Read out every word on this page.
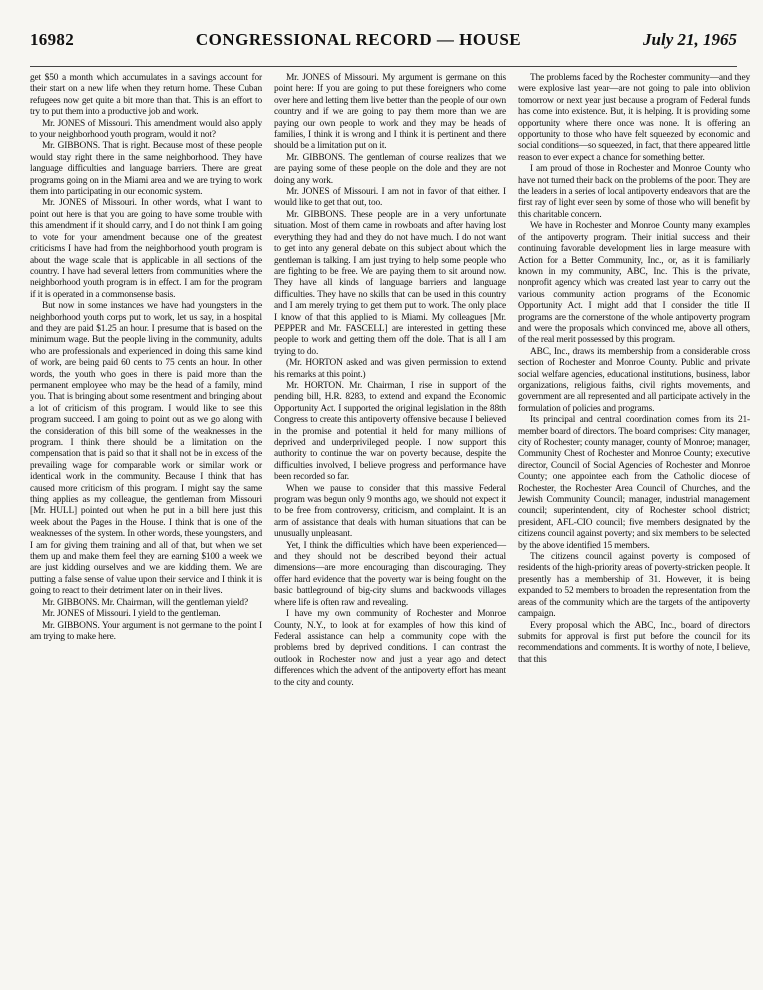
16982	CONGRESSIONAL RECORD — HOUSE	July 21, 1965

get $50 a month which accumulates in a savings account for their start on a new life when they return home. These Cuban refugees now get quite a bit more than that. This is an effort to try to put them into a productive job and work.

Mr. JONES of Missouri. This amendment would also apply to your neighborhood youth program, would it not?

Mr. GIBBONS. That is right. Because most of these people would stay right there in the same neighborhood. They have language difficulties and language barriers. There are great programs going on in the Miami area and we are trying to work them into participating in our economic system.

Mr. JONES of Missouri. In other words, what I want to point out here is that you are going to have some trouble with this amendment if it should carry, and I do not think I am going to vote for your amendment because one of the greatest criticisms I have had from the neighborhood youth program is about the wage scale that is applicable in all sections of the country. I have had several letters from communities where the neighborhood youth program is in effect. I am for the program if it is operated in a commonsense basis.

But now in some instances we have had youngsters in the neighborhood youth corps put to work, let us say, in a hospital and they are paid $1.25 an hour. I presume that is based on the minimum wage. But the people living in the community, adults who are professionals and experienced in doing this same kind of work, are being paid 60 cents to 75 cents an hour. In other words, the youth who goes in there is paid more than the permanent employee who may be the head of a family, mind you. That is bringing about some resentment and bringing about a lot of criticism of this program. I would like to see this program succeed. I am going to point out as we go along with the consideration of this bill some of the weaknesses in the program. I think there should be a limitation on the compensation that is paid so that it shall not be in excess of the prevailing wage for comparable work or similar work or identical work in the community. Because I think that has caused more criticism of this program. I might say the same thing applies as my colleague, the gentleman from Missouri [Mr. HULL] pointed out when he put in a bill here just this week about the Pages in the House. I think that is one of the weaknesses of the system. In other words, these youngsters, and I am for giving them training and all of that, but when we set them up and make them feel they are earning $100 a week we are just kidding ourselves and we are kidding them. We are putting a false sense of value upon their service and I think it is going to react to their detriment later on in their lives.

Mr. GIBBONS. Mr. Chairman, will the gentleman yield?

Mr. JONES of Missouri. I yield to the gentleman.

Mr. GIBBONS. Your argument is not germane to the point I am trying to make here.

Mr. JONES of Missouri. My argument is germane on this point here: If you are going to put these foreigners who come over here and letting them live better than the people of our own country and if we are going to pay them more than we are paying our own people to work and they may be heads of families, I think it is wrong and I think it is pertinent and there should be a limitation put on it.

Mr. GIBBONS. The gentleman of course realizes that we are paying some of these people on the dole and they are not doing any work.

Mr. JONES of Missouri. I am not in favor of that either. I would like to get that out, too.

Mr. GIBBONS. These people are in a very unfortunate situation. Most of them came in rowboats and after having lost everything they had and they do not have much. I do not want to get into any general debate on this subject about which the gentleman is talking. I am just trying to help some people who are fighting to be free. We are paying them to sit around now. They have all kinds of language barriers and language difficulties. They have no skills that can be used in this country and I am merely trying to get them put to work. The only place I know of that this applied to is Miami. My colleagues [Mr. PEPPER and Mr. FASCELL] are interested in getting these people to work and getting them off the dole. That is all I am trying to do.

(Mr. HORTON asked and was given permission to extend his remarks at this point.)

Mr. HORTON. Mr. Chairman, I rise in support of the pending bill, H.R. 8283, to extend and expand the Economic Opportunity Act. I supported the original legislation in the 88th Congress to create this antipoverty offensive because I believed in the promise and potential it held for many millions of deprived and underprivileged people. I now support this authority to continue the war on poverty because, despite the difficulties involved, I believe progress and performance have been recorded so far.

When we pause to consider that this massive Federal program was begun only 9 months ago, we should not expect it to be free from controversy, criticism, and complaint. It is an arm of assistance that deals with human situations that can be unusually unpleasant.

Yet, I think the difficulties which have been experienced—and they should not be described beyond their actual dimensions—are more encouraging than discouraging. They offer hard evidence that the poverty war is being fought on the basic battleground of big-city slums and backwoods villages where life is often raw and revealing.

I have my own community of Rochester and Monroe County, N.Y., to look at for examples of how this kind of Federal assistance can help a community cope with the problems bred by deprived conditions. I can contrast the outlook in Rochester now and just a year ago and detect differences which the advent of the antipoverty effort has meant to the city and county.

The problems faced by the Rochester community—and they were explosive last year—are not going to pale into oblivion tomorrow or next year just because a program of Federal funds has come into existence. But, it is helping. It is providing some opportunity where there once was none. It is offering an opportunity to those who have felt squeezed by economic and social conditions—so squeezed, in fact, that there appeared little reason to ever expect a chance for something better.

I am proud of those in Rochester and Monroe County who have not turned their back on the problems of the poor. They are the leaders in a series of local antipoverty endeavors that are the first ray of light ever seen by some of those who will benefit by this charitable concern.

We have in Rochester and Monroe County many examples of the antipoverty program. Their initial success and their continuing favorable development lies in large measure with Action for a Better Community, Inc., or, as it is familiarly known in my community, ABC, Inc. This is the private, nonprofit agency which was created last year to carry out the various community action programs of the Economic Opportunity Act. I might add that I consider the title II programs are the cornerstone of the whole antipoverty program and were the proposals which convinced me, above all others, of the real merit possessed by this program.

ABC, Inc., draws its membership from a considerable cross section of Rochester and Monroe County. Public and private social welfare agencies, educational institutions, business, labor organizations, religious faiths, civil rights movements, and government are all represented and all participate actively in the formulation of policies and programs.

Its principal and central coordination comes from its 21-member board of directors. The board comprises: City manager, city of Rochester; county manager, county of Monroe; manager, Community Chest of Rochester and Monroe County; executive director, Council of Social Agencies of Rochester and Monroe County; one appointee each from the Catholic diocese of Rochester, the Rochester Area Council of Churches, and the Jewish Community Council; manager, industrial management council; superintendent, city of Rochester school district; president, AFL-CIO council; five members designated by the citizens council against poverty; and six members to be selected by the above identified 15 members.

The citizens council against poverty is composed of residents of the high-priority areas of poverty-stricken people. It presently has a membership of 31. However, it is being expanded to 52 members to broaden the representation from the areas of the community which are the targets of the antipoverty campaign.

Every proposal which the ABC, Inc., board of directors submits for approval is first put before the council for its recommendations and comments. It is worthy of note, I believe, that this
